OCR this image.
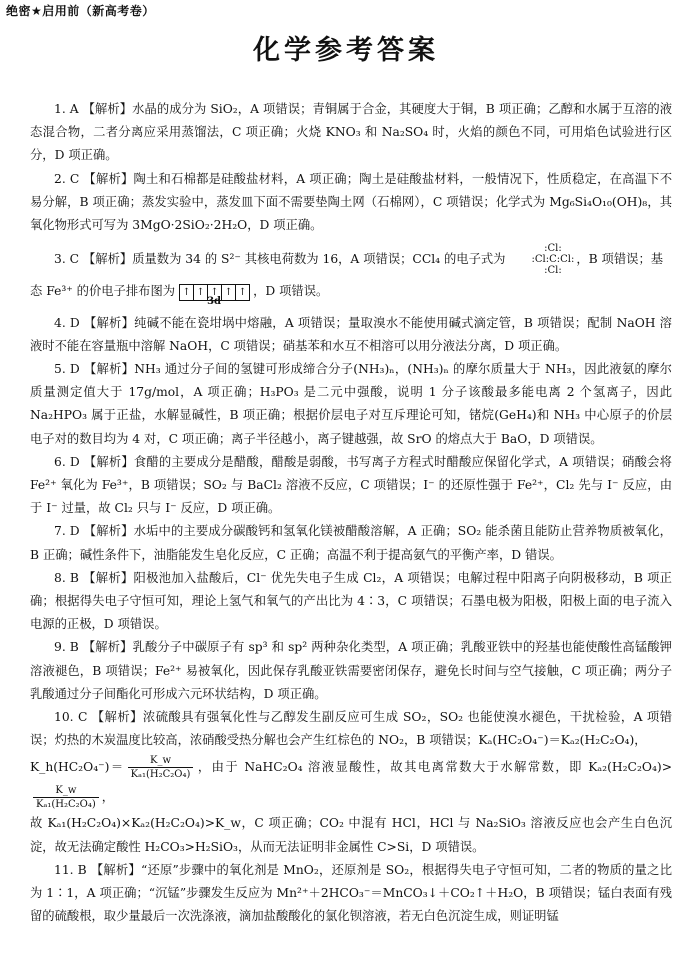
绝密★启用前（新高考卷）
化学参考答案

1. A 【解析】水晶的成分为 SiO₂，A 项错误；青铜属于合金，其硬度大于铜，B 项正确；乙醇和水属于互溶的液态混合物，二者分离应采用蒸馏法，C 项正确；火烧 KNO₃ 和 Na₂SO₄ 时，火焰的颜色不同，可用焰色试验进行区分，D 项正确。

2. C 【解析】陶土和石棉都是硅酸盐材料，A 项正确；陶土是硅酸盐材料，一般情况下，性质稳定，在高温下不易分解，B 项正确；蒸发实验中，蒸发皿下面不需要垫陶土网（石棉网），C 项错误；化学式为 Mg₆Si₄O₁₀(OH)₈，其氧化物形式可写为 3MgO·2SiO₂·2H₂O，D 项正确。

3. C 【解析】质量数为 34 的 S²⁻ 其核电荷数为 16，A 项错误；CCl₄ 的电子式为
:Cl:
:Cl:C:Cl:
:Cl:
，B 项错误；基

态 Fe³⁺ 的价电子排布图为 ↑ ↑ ↑ ↑ ↑
3d
，D 项错误。

4. D 【解析】纯碱不能在瓷坩埚中熔融，A 项错误；量取溴水不能使用碱式滴定管，B 项错误；配制 NaOH 溶液时不能在容量瓶中溶解 NaOH，C 项错误；硝基苯和水互不相溶可以用分液法分离，D 项正确。

5. D 【解析】NH₃ 通过分子间的氢键可形成缔合分子(NH₃)ₙ，(NH₃)ₙ 的摩尔质量大于 NH₃，因此液氨的摩尔质量测定值大于 17g/mol，A 项正确；H₃PO₃ 是二元中强酸，说明 1 分子该酸最多能电离 2 个氢离子，因此 Na₂HPO₃ 属于正盐，水解显碱性，B 项正确；根据价层电子对互斥理论可知，锗烷(GeH₄)和 NH₃ 中心原子的价层电子对的数目均为 4 对，C 项正确；离子半径越小，离子键越强，故 SrO 的熔点大于 BaO，D 项错误。

6. D 【解析】食醋的主要成分是醋酸，醋酸是弱酸，书写离子方程式时醋酸应保留化学式，A 项错误；硝酸会将 Fe²⁺ 氧化为 Fe³⁺，B 项错误；SO₂ 与 BaCl₂ 溶液不反应，C 项错误；I⁻ 的还原性强于 Fe²⁺，Cl₂ 先与 I⁻ 反应，由于 I⁻ 过量，故 Cl₂ 只与 I⁻ 反应，D 项正确。

7. D 【解析】水垢中的主要成分碳酸钙和氢氧化镁被醋酸溶解，A 正确；SO₂ 能杀菌且能防止营养物质被氧化，B 正确；碱性条件下，油脂能发生皂化反应，C 正确；高温不利于提高氨气的平衡产率，D 错误。

8. B 【解析】阳极池加入盐酸后，Cl⁻ 优先失电子生成 Cl₂，A 项错误；电解过程中阳离子向阴极移动，B 项正确；根据得失电子守恒可知，理论上氢气和氧气的产出比为 4∶3，C 项错误；石墨电极为阳极，阳极上面的电子流入电源的正极，D 项错误。

9. B 【解析】乳酸分子中碳原子有 sp³ 和 sp² 两种杂化类型，A 项正确；乳酸亚铁中的羟基也能使酸性高锰酸钾溶液褪色，B 项错误；Fe²⁺ 易被氧化，因此保存乳酸亚铁需要密闭保存，避免长时间与空气接触，C 项正确；两分子乳酸通过分子间酯化可形成六元环状结构，D 项正确。

10. C 【解析】浓硫酸具有强氧化性与乙醇发生副反应可生成 SO₂，SO₂ 也能使溴水褪色，干扰检验，A 项错误；灼热的木炭温度比较高，浓硝酸受热分解也会产生红棕色的 NO₂，B 项错误；Kₐ(HC₂O₄⁻)＝Kₐ₂(H₂C₂O₄)，

K_h(HC₂O₄⁻)＝ $\frac{K\_w}{\text{Kₐ₁(H₂C₂O₄)}}$ ，由于 NaHC₂O₄ 溶液显酸性，故其电离常数大于水解常数，即 Kₐ₂(H₂C₂O₄)>
$\frac{K\_w}{\text{Kₐ₁(H₂C₂O₄)}}$ ，

故 Kₐ₁(H₂C₂O₄)×Kₐ₂(H₂C₂O₄)>K_w，C 项正确；CO₂ 中混有 HCl，HCl 与 Na₂SiO₃ 溶液反应也会产生白色沉淀，故无法确定酸性 H₂CO₃>H₂SiO₃，从而无法证明非金属性 C>Si，D 项错误。

11. B 【解析】“还原”步骤中的氧化剂是 MnO₂，还原剂是 SO₂，根据得失电子守恒可知，二者的物质的量之比为 1∶1，A 项正确；“沉锰”步骤发生反应为 Mn²⁺＋2HCO₃⁻＝MnCO₃↓＋CO₂↑＋H₂O，B 项错误；锰白表面有残留的硫酸根，取少量最后一次洗涤液，滴加盐酸酸化的氯化钡溶液，若无白色沉淀生成，则证明锰
